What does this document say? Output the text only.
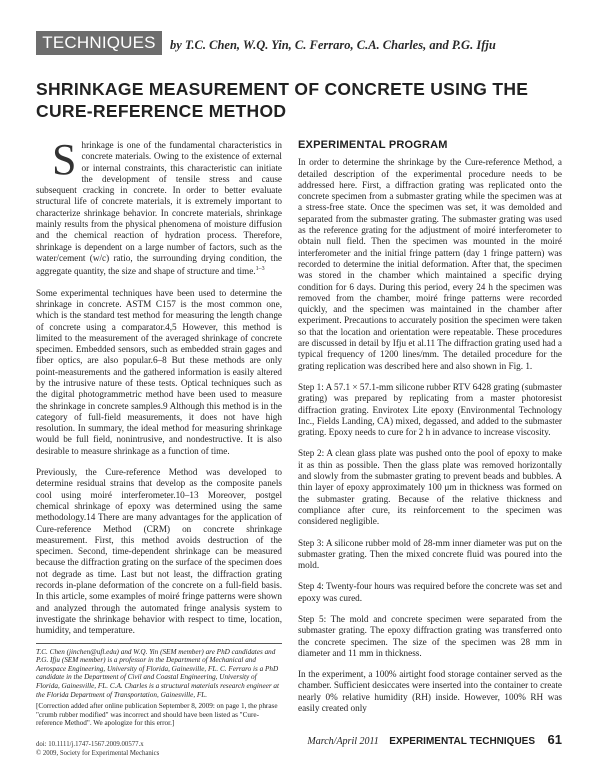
TECHNIQUES	by T.C. Chen, W.Q. Yin, C. Ferraro, C.A. Charles, and P.G. Ifju
SHRINKAGE MEASUREMENT OF CONCRETE USING THE CURE-REFERENCE METHOD

Shrinkage is one of the fundamental characteristics in concrete materials. Owing to the existence of external or internal constraints, this characteristic can initiate the development of tensile stress and cause subsequent cracking in concrete. In order to better evaluate structural life of concrete materials, it is extremely important to characterize shrinkage behavior. In concrete materials, shrinkage mainly results from the physical phenomena of moisture diffusion and the chemical reaction of hydration process. Therefore, shrinkage is dependent on a large number of factors, such as the water/cement (w/c) ratio, the surrounding drying condition, the aggregate quantity, the size and shape of structure and time.$^{1-3}$

Some experimental techniques have been used to determine the shrinkage in concrete. ASTM C157 is the most common one, which is the standard test method for measuring the length change of concrete using a comparator.4,5 However, this method is limited to the measurement of the averaged shrinkage of concrete specimen. Embedded sensors, such as embedded strain gages and fiber optics, are also popular.6–8 But these methods are only point-measurements and the gathered information is easily altered by the intrusive nature of these tests. Optical techniques such as the digital photogrammetric method have been used to measure the shrinkage in concrete samples.9 Although this method is in the category of full-field measurements, it does not have high resolution. In summary, the ideal method for measuring shrinkage would be full field, nonintrusive, and nondestructive. It is also desirable to measure shrinkage as a function of time.

Previously, the Cure-reference Method was developed to determine residual strains that develop as the composite panels cool using moiré interferometer.10–13 Moreover, postgel chemical shrinkage of epoxy was determined using the same methodology.14 There are many advantages for the application of Cure-reference Method (CRM) on concrete shrinkage measurement. First, this method avoids destruction of the specimen. Second, time-dependent shrinkage can be measured because the diffraction grating on the surface of the specimen does not degrade as time. Last but not least, the diffraction grating records in-plane deformation of the concrete on a full-field basis. In this article, some examples of moiré fringe patterns were shown and analyzed through the automated fringe analysis system to investigate the shrinkage behavior with respect to time, location, humidity, and temperature.

T.C. Chen (jinchen@ufl.edu) and W.Q. Yin (SEM member) are PhD candidates and P.G. Ifju (SEM member) is a professor in the Department of Mechanical and Aerospace Engineering, University of Florida, Gainesville, FL. C. Ferraro is a PhD candidate in the Department of Civil and Coastal Engineering, University of Florida, Gainesville, FL. C.A. Charles is a structural materials research engineer at the Florida Department of Transportation, Gainesville, FL.

[Correction added after online publication September 8, 2009: on page 1, the phrase "crumb rubber modified" was incorrect and should have been listed as "Cure-reference Method". We apologize for this error.]

EXPERIMENTAL PROGRAM

In order to determine the shrinkage by the Cure-reference Method, a detailed description of the experimental procedure needs to be addressed here. First, a diffraction grating was replicated onto the concrete specimen from a submaster grating while the specimen was at a stress-free state. Once the specimen was set, it was demolded and separated from the submaster grating. The submaster grating was used as the reference grating for the adjustment of moiré interferometer to obtain null field. Then the specimen was mounted in the moiré interferometer and the initial fringe pattern (day 1 fringe pattern) was recorded to determine the initial deformation. After that, the specimen was stored in the chamber which maintained a specific drying condition for 6 days. During this period, every 24 h the specimen was removed from the chamber, moiré fringe patterns were recorded quickly, and the specimen was maintained in the chamber after experiment. Precautions to accurately position the specimen were taken so that the location and orientation were repeatable. These procedures are discussed in detail by Ifju et al.11 The diffraction grating used had a typical frequency of 1200 lines/mm. The detailed procedure for the grating replication was described here and also shown in Fig. 1.

Step 1: A 57.1 × 57.1-mm silicone rubber RTV 6428 grating (submaster grating) was prepared by replicating from a master photoresist diffraction grating. Envirotex Lite epoxy (Environmental Technology Inc., Fields Landing, CA) mixed, degassed, and added to the submaster grating. Epoxy needs to cure for 2 h in advance to increase viscosity.

Step 2: A clean glass plate was pushed onto the pool of epoxy to make it as thin as possible. Then the glass plate was removed horizontally and slowly from the submaster grating to prevent beads and bubbles. A thin layer of epoxy approximately 100 μm in thickness was formed on the submaster grating. Because of the relative thickness and compliance after cure, its reinforcement to the specimen was considered negligible.

Step 3: A silicone rubber mold of 28-mm inner diameter was put on the submaster grating. Then the mixed concrete fluid was poured into the mold.

Step 4: Twenty-four hours was required before the concrete was set and epoxy was cured.

Step 5: The mold and concrete specimen were separated from the submaster grating. The epoxy diffraction grating was transferred onto the concrete specimen. The size of the specimen was 28 mm in diameter and 11 mm in thickness.

In the experiment, a 100% airtight food storage container served as the chamber. Sufficient desiccates were inserted into the container to create nearly 0% relative humidity (RH) inside. However, 100% RH was easily created only

doi: 10.1111/j.1747-1567.2009.00577.x
© 2009, Society for Experimental Mechanics
March/April 2011 EXPERIMENTAL TECHNIQUES 61
